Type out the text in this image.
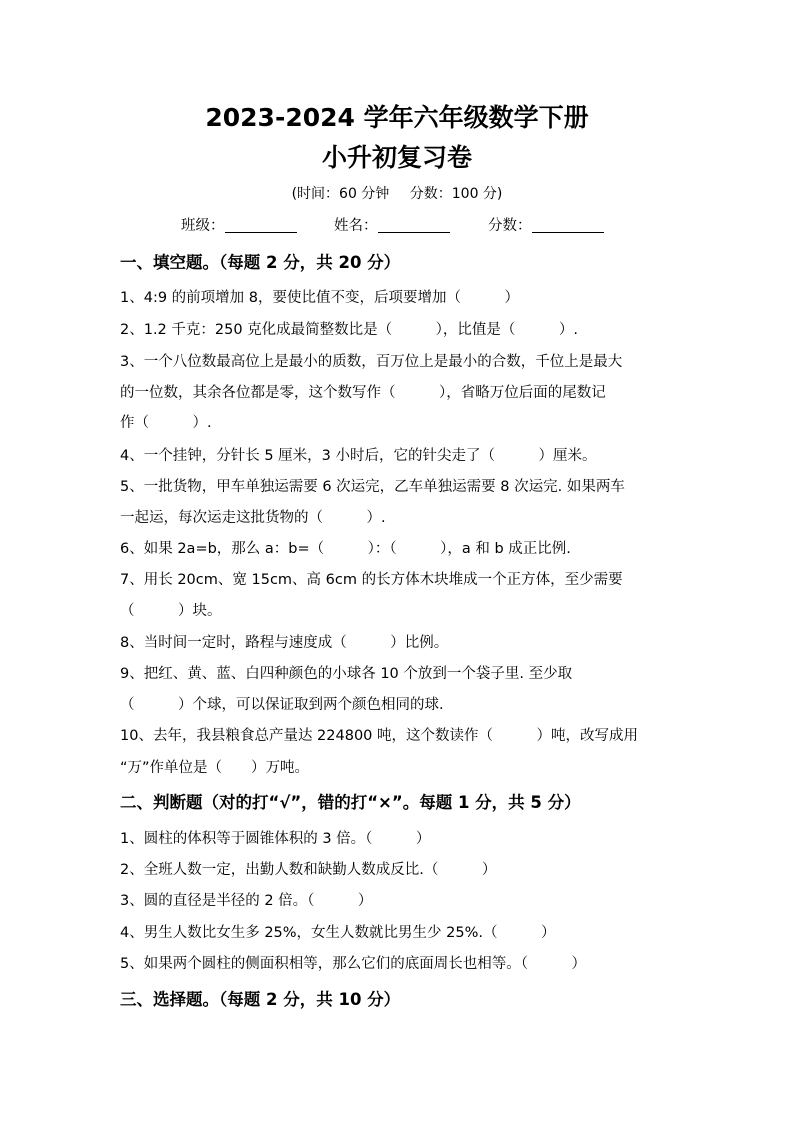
2023-2024 学年六年级数学下册
小升初复习卷
(时间：60 分钟 分数：100 分)
班级：	姓名：	分数：
一、填空题。（每题 2 分，共 20 分）
1、4:9 的前项增加 8，要使比值不变，后项要增加（　　　）
2、1.2 千克：250 克化成最简整数比是（　　　），比值是（　　　）.
3、一个八位数最高位上是最小的质数，百万位上是最小的合数，千位上是最大
的一位数，其余各位都是零，这个数写作（　　　），省略万位后面的尾数记
作（　　　）.
4、一个挂钟，分针长 5 厘米，3 小时后，它的针尖走了（　　　）厘米。
5、一批货物，甲车单独运需要 6 次运完，乙车单独运需要 8 次运完. 如果两车
一起运，每次运走这批货物的（　　　）.
6、如果 2a=b，那么 a：b=（　　　）：（　　　），a 和 b 成正比例.
7、用长 20cm、宽 15cm、高 6cm 的长方体木块堆成一个正方体，至少需要
（　　　）块。
8、当时间一定时，路程与速度成（　　　）比例。
9、把红、黄、蓝、白四种颜色的小球各 10 个放到一个袋子里. 至少取
（　　　）个球，可以保证取到两个颜色相同的球.
10、去年，我县粮食总产量达 224800 吨，这个数读作（　　　）吨，改写成用
“万”作单位是（　　）万吨。
二、判断题（对的打“√”，错的打“×”。每题 1 分，共 5 分）
1、圆柱的体积等于圆锥体积的 3 倍。（　　　）
2、全班人数一定，出勤人数和缺勤人数成反比.（　　　）
3、圆的直径是半径的 2 倍。（　　　）
4、男生人数比女生多 25%，女生人数就比男生少 25%.（　　　）
5、如果两个圆柱的侧面积相等，那么它们的底面周长也相等。（　　　）
三、选择题。（每题 2 分，共 10 分）
